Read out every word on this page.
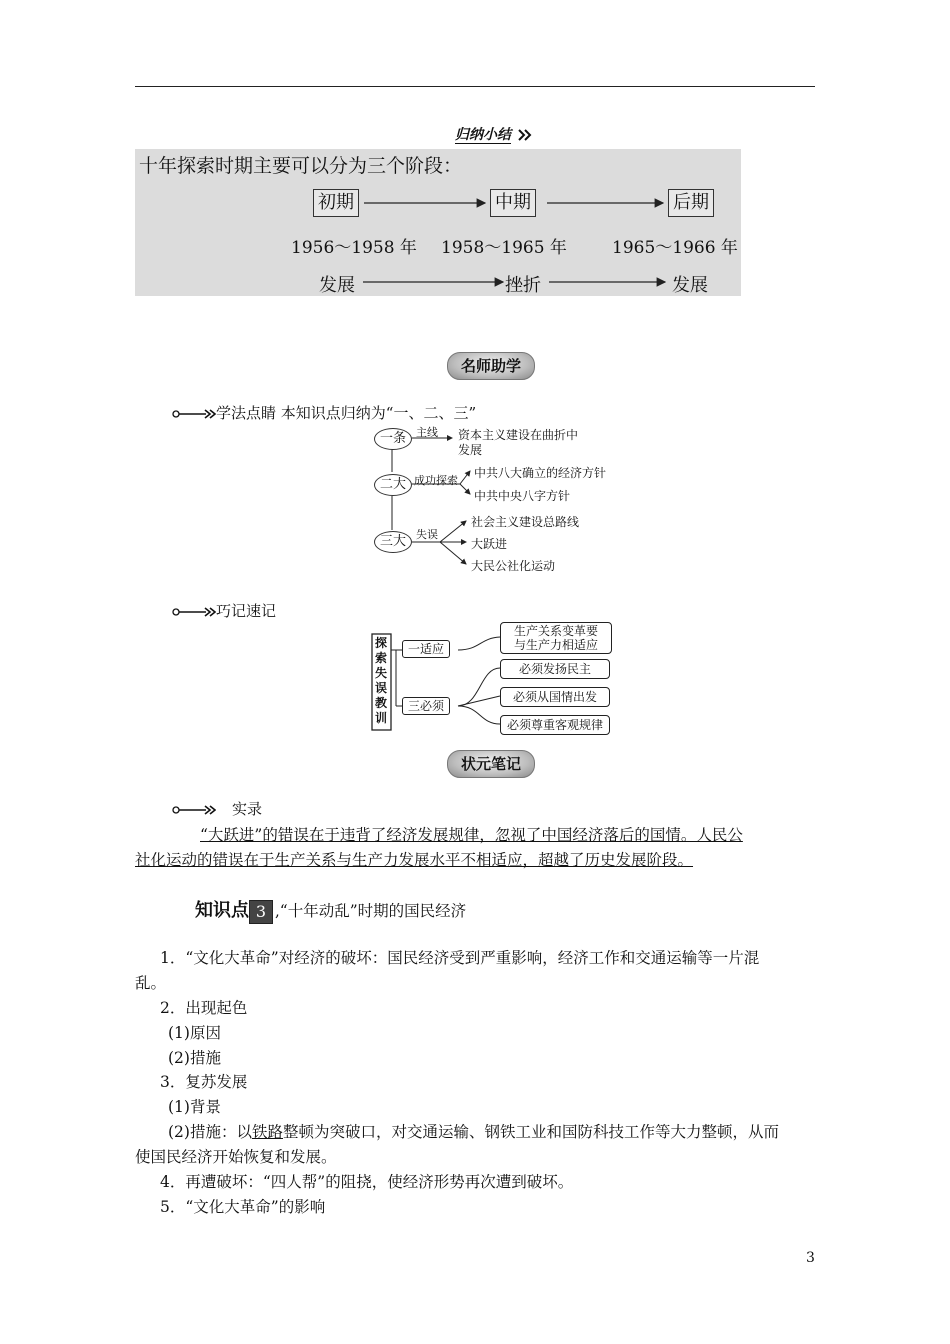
归纳小结
十年探索时期主要可以分为三个阶段：
初期	中期	后期
1956～1958 年 1958～1965 年	1965～1966 年
发展	挫折	发展
名师助学
学法点睛 本知识点归纳为“一、二、三”
一条
二大
三大
主线 资本主义建设在曲折中
发展
成功探索
中共八大确立的经济方针
中共中央八字方针
失误
社会主义建设总路线
大跃进
大民公社化运动
巧记速记
探索失误教训
一适应
三必须
生产关系变革要
与生产力相适应
必须发扬民主
必须从国情出发
必须尊重客观规律
状元笔记
实录
“大跃进”的错误在于违背了经济发展规律，忽视了中国经济落后的国情。人民公
社化运动的错误在于生产关系与生产力发展水平不相适应，超越了历史发展阶段。
知识点 3 ,“十年动乱”时期的国民经济
1．“文化大革命”对经济的破坏：国民经济受到严重影响，经济工作和交通运输等一片混
乱。
2．出现起色
(1)原因
(2)措施
3．复苏发展
(1)背景
(2)措施：以铁路整顿为突破口，对交通运输、钢铁工业和国防科技工作等大力整顿，从而
使国民经济开始恢复和发展。
4．再遭破坏：“四人帮”的阻挠，使经济形势再次遭到破坏。
5．“文化大革命”的影响
3
